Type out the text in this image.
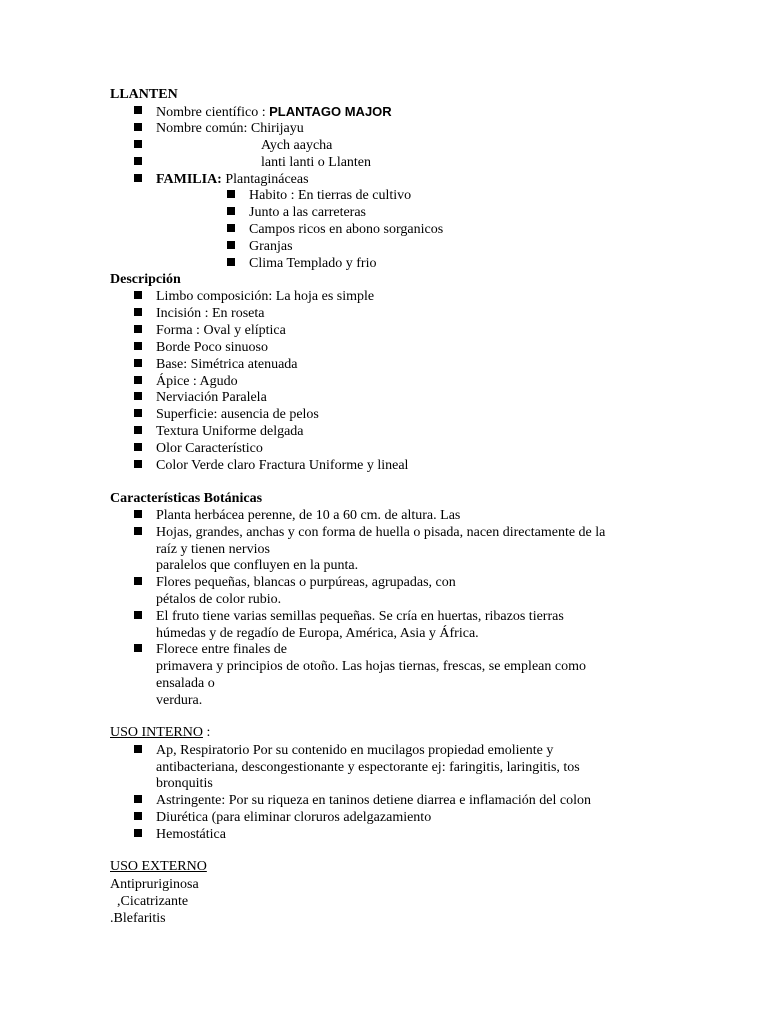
LLANTEN
Nombre científico : PLANTAGO MAJOR
Nombre común: Chirijayu
Aych aaycha
lanti lanti o Llanten
FAMILIA: Plantagináceas
Habito : En tierras de cultivo
Junto a las carreteras
Campos ricos en abono sorganicos
Granjas
Clima Templado y frio
Descripción
Limbo composición: La hoja es simple
Incisión : En roseta
Forma : Oval y elíptica
Borde Poco sinuoso
Base: Simétrica atenuada
Ápice : Agudo
Nerviación Paralela
Superficie: ausencia de pelos
Textura Uniforme delgada
Olor Característico
Color Verde claro Fractura Uniforme y lineal
Características Botánicas
Planta herbácea perenne, de 10 a 60 cm. de altura. Las
Hojas, grandes, anchas y con forma de huella o pisada, nacen directamente de la
raíz y tienen nervios
paralelos que confluyen en la punta.
Flores pequeñas, blancas o purpúreas, agrupadas, con
pétalos de color rubio.
El fruto tiene varias semillas pequeñas. Se cría en huertas, ribazos tierras
húmedas y de regadío de Europa, América, Asia y África.
Florece entre finales de
primavera y principios de otoño. Las hojas tiernas, frescas, se emplean como
ensalada o
verdura.
USO INTERNO :
Ap, Respiratorio Por su contenido en mucilagos propiedad emoliente y
antibacteriana, descongestionante y espectorante ej: faringitis, laringitis, tos
bronquitis
Astringente: Por su riqueza en taninos detiene diarrea e inflamación del colon
Diurética (para eliminar cloruros adelgazamiento
Hemostática
USO EXTERNO
Antipruriginosa
,Cicatrizante
.Blefaritis
